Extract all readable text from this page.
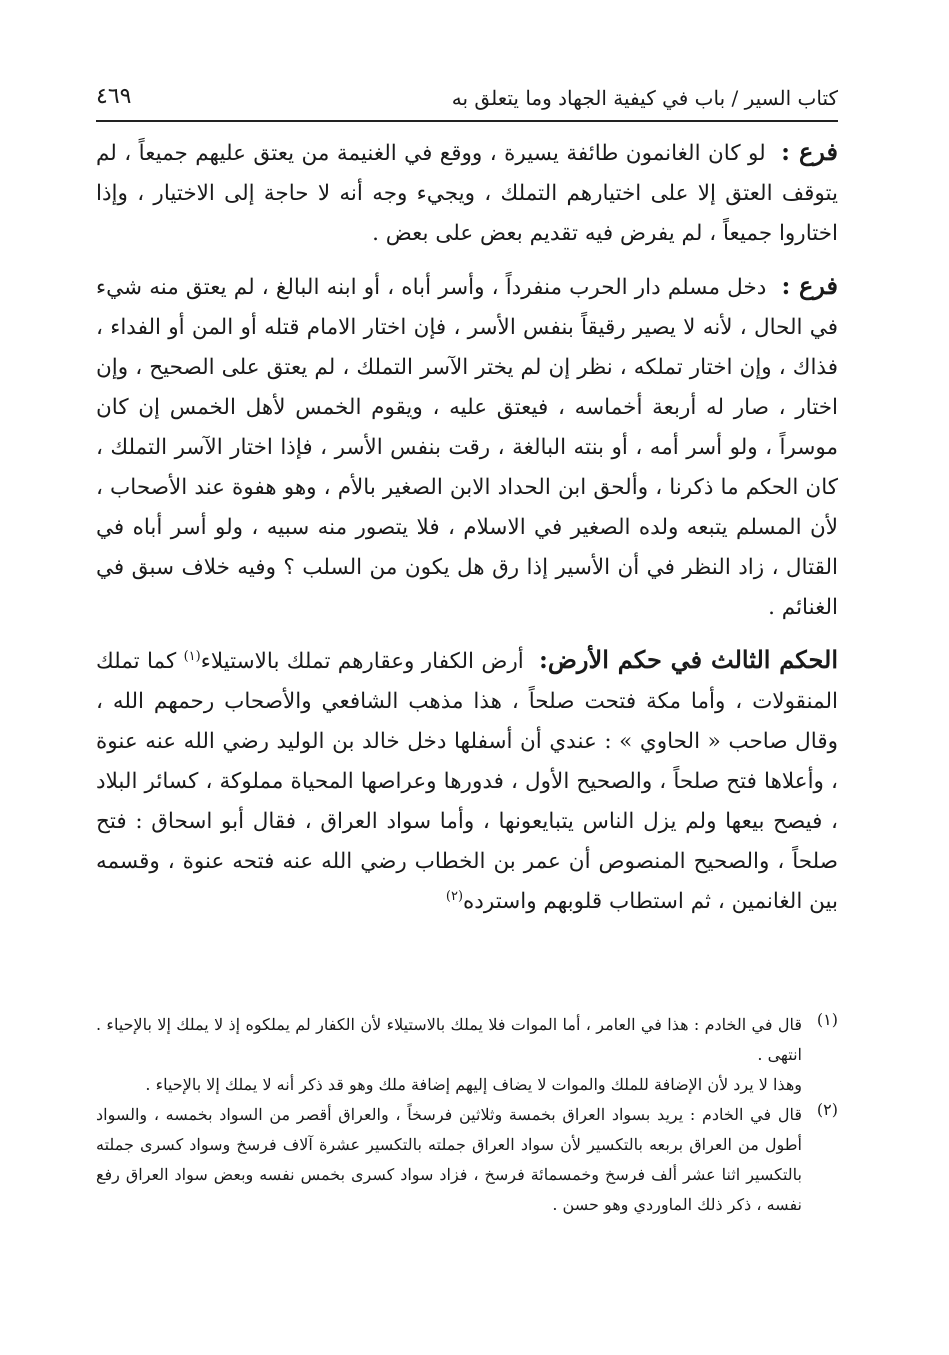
كتاب السير / باب في كيفية الجهاد وما يتعلق به
٤٦٩

فرع : لو كان الغانمون طائفة يسيرة ، ووقع في الغنيمة من يعتق عليهم جميعاً ، لم يتوقف العتق إلا على اختيارهم التملك ، ويجيء وجه أنه لا حاجة إلى الاختيار ، وإذا اختاروا جميعاً ، لم يفرض فيه تقديم بعض على بعض .

فرع : دخل مسلم دار الحرب منفرداً ، وأسر أباه ، أو ابنه البالغ ، لم يعتق منه شيء في الحال ، لأنه لا يصير رقيقاً بنفس الأسر ، فإن اختار الامام قتله أو المن أو الفداء ، فذاك ، وإن اختار تملكه ، نظر إن لم يختر الآسر التملك ، لم يعتق على الصحيح ، وإن اختار ، صار له أربعة أخماسه ، فيعتق عليه ، ويقوم الخمس لأهل الخمس إن كان موسراً ، ولو أسر أمه ، أو بنته البالغة ، رقت بنفس الأسر ، فإذا اختار الآسر التملك ، كان الحكم ما ذكرنا ، وألحق ابن الحداد الابن الصغير بالأم ، وهو هفوة عند الأصحاب ، لأن المسلم يتبعه ولده الصغير في الاسلام ، فلا يتصور منه سبيه ، ولو أسر أباه في القتال ، زاد النظر في أن الأسير إذا رق هل يكون من السلب ؟ وفيه خلاف سبق في الغنائم .

الحكم الثالث في حكم الأرض: أرض الكفار وعقارهم تملك بالاستيلاء$^{(١)}$ كما تملك المنقولات ، وأما مكة فتحت صلحاً ، هذا مذهب الشافعي والأصحاب رحمهم الله ، وقال صاحب « الحاوي » : عندي أن أسفلها دخل خالد بن الوليد رضي الله عنه عنوة ، وأعلاها فتح صلحاً ، والصحيح الأول ، فدورها وعراصها المحياة مملوكة ، كسائر البلاد ، فيصح بيعها ولم يزل الناس يتبايعونها ، وأما سواد العراق ، فقال أبو اسحاق : فتح صلحاً ، والصحيح المنصوص أن عمر بن الخطاب رضي الله عنه فتحه عنوة ، وقسمه بين الغانمين ، ثم استطاب قلوبهم واسترده$^{(٢)}$

(١)

قال في الخادم : هذا في العامر ، أما الموات فلا يملك بالاستيلاء لأن الكفار لم يملكوه إذ لا يملك إلا بالإحياء . انتهى .

وهذا لا يرد لأن الإضافة للملك والموات لا يضاف إليهم إضافة ملك وهو قد ذكر أنه لا يملك إلا بالإحياء .

(٢)

قال في الخادم : يريد بسواد العراق بخمسة وثلاثين فرسخاً ، والعراق أقصر من السواد بخمسه ، والسواد أطول من العراق بربعه بالتكسير لأن سواد العراق جملته بالتكسير عشرة آلاف فرسخ وسواد كسرى جملته بالتكسير اثنا عشر ألف فرسخ وخمسمائة فرسخ ، فزاد سواد كسرى بخمس نفسه وبعض سواد العراق رفع نفسه ، ذكر ذلك الماوردي وهو حسن .
